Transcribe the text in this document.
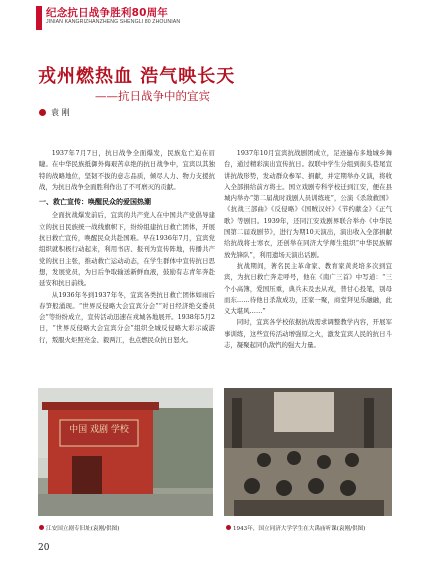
纪念抗日战争胜利80周年
JINIAN KANGRIZHANZHENG SHENGLI 80 ZHOUNIAN
戎州燃热血 浩气映长天
——抗日战争中的宜宾
袁 刚

1937年7月7日，抗日战争全面爆发，民族危亡迫在眉睫。在中华民族抵御外侮艰苦卓绝的抗日战争中，宜宾以其独特的战略地位，坚韧不拔的意志品质，倾尽人力、物力支援抗战，为抗日战争全面胜利作出了不可磨灭的贡献。

一、救亡宣传：唤醒民众的爱国热潮

全面抗战爆发前后，宜宾的共产党人在中国共产党倡导建立的抗日民族统一战线旗帜下，纷纷组建抗日救亡团体，开展抗日救亡宣传，唤醒民众共赴国难。早在1936年7月，宜宾党组织就积极行动起来，利用书店、报刊为宣传阵地，传播共产党的抗日主张，推动救亡运动动态，在学生群体中宣传抗日思想，发展党员，为日后争取输送新鲜血液，鼓励有志青年奔赴延安和抗日前线。

从1936年冬到1937年冬，宜宾各类抗日救亡团体如雨后春笋般涌现。“世界反侵略大会宜宾分会”“对日经济绝交委员会”等纷纷成立，宣传活动迅速在戎城各地展开。1938年5月2日，“世界反侵略大会宜宾分会”组织全城反侵略大彩示威游行，叛服火炬照亮金、毅两江，也点燃民众抗日怒火。

1937年10月宜宾抗战剧团成立，足迹遍布多地城乡舞台，通过精彩演出宣传抗日。叙联中学生分组到街头巷尾宣讲抗战形势，发动群众参军、捐献，并定期举办义演，将收入全部捐给前方将士。国立戏剧专科学校迁到江安，便在县城内举办“第二届战时戏剧人员训练班”，公演《杀敌救国》《抗战三部曲》《反侵略》《国贼汉奸》《节约献金》《正气歌》等剧目。1939年，还同江安戏剧界联合举办《中华民国第二届戏剧节》，进行为期10天演出，演出收入全部捐献给抗战将士寒衣，还创举在同济大学师生组织“中华民族解放先锋队”，利用遗场天演出话剧。

抗战期间，著名民主革命家、教育家黄炎培多次到宜宾，为抗日救亡奔走呼号，他在《南广三首》中写道：“三个小高簿，爱国压重，典兵未及去从戎，普甘心投笔，别母而东……待他日杀敌成功，还家一聚，商堂拜见乐融融，此义大堪风……”

同时，宜宾各学校依据抗战需求调整教学内容，开展军事训练，这些宣传活动增强原之火，激发宜宾人民的抗日斗志，凝聚起同仇敌忾的强大力量。

中国 戏剧 学校
江安国立剧专旧址(袁刚/供图)	1943年，国立同济大学学生在大禹庙听课(袁刚/供图)
20
